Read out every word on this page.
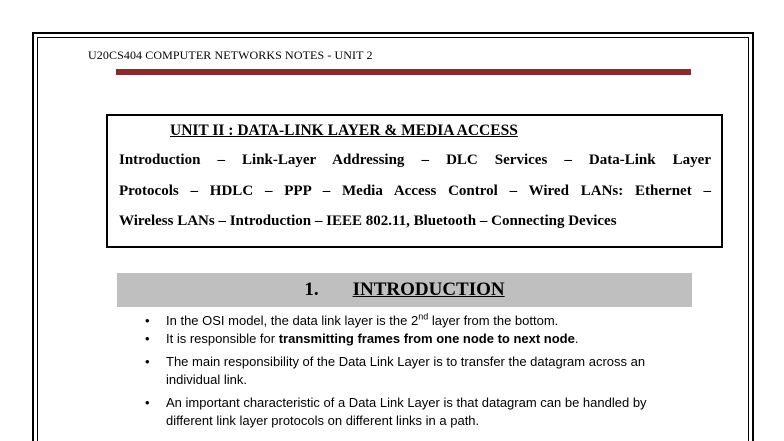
U20CS404 COMPUTER NETWORKS NOTES - UNIT 2
UNIT II : DATA-LINK LAYER & MEDIA ACCESS
Introduction – Link-Layer Addressing – DLC Services – Data-Link Layer
Protocols – HDLC – PPP – Media Access Control – Wired LANs: Ethernet –
Wireless LANs – Introduction – IEEE 802.11, Bluetooth – Connecting Devices
1. INTRODUCTION
• In the OSI model, the data link layer is the 2nd layer from the bottom.
• It is responsible for transmitting frames from one node to next node.
• The main responsibility of the Data Link Layer is to transfer the datagram across an individual link.
• An important characteristic of a Data Link Layer is that datagram can be handled by different link layer protocols on different links in a path.
